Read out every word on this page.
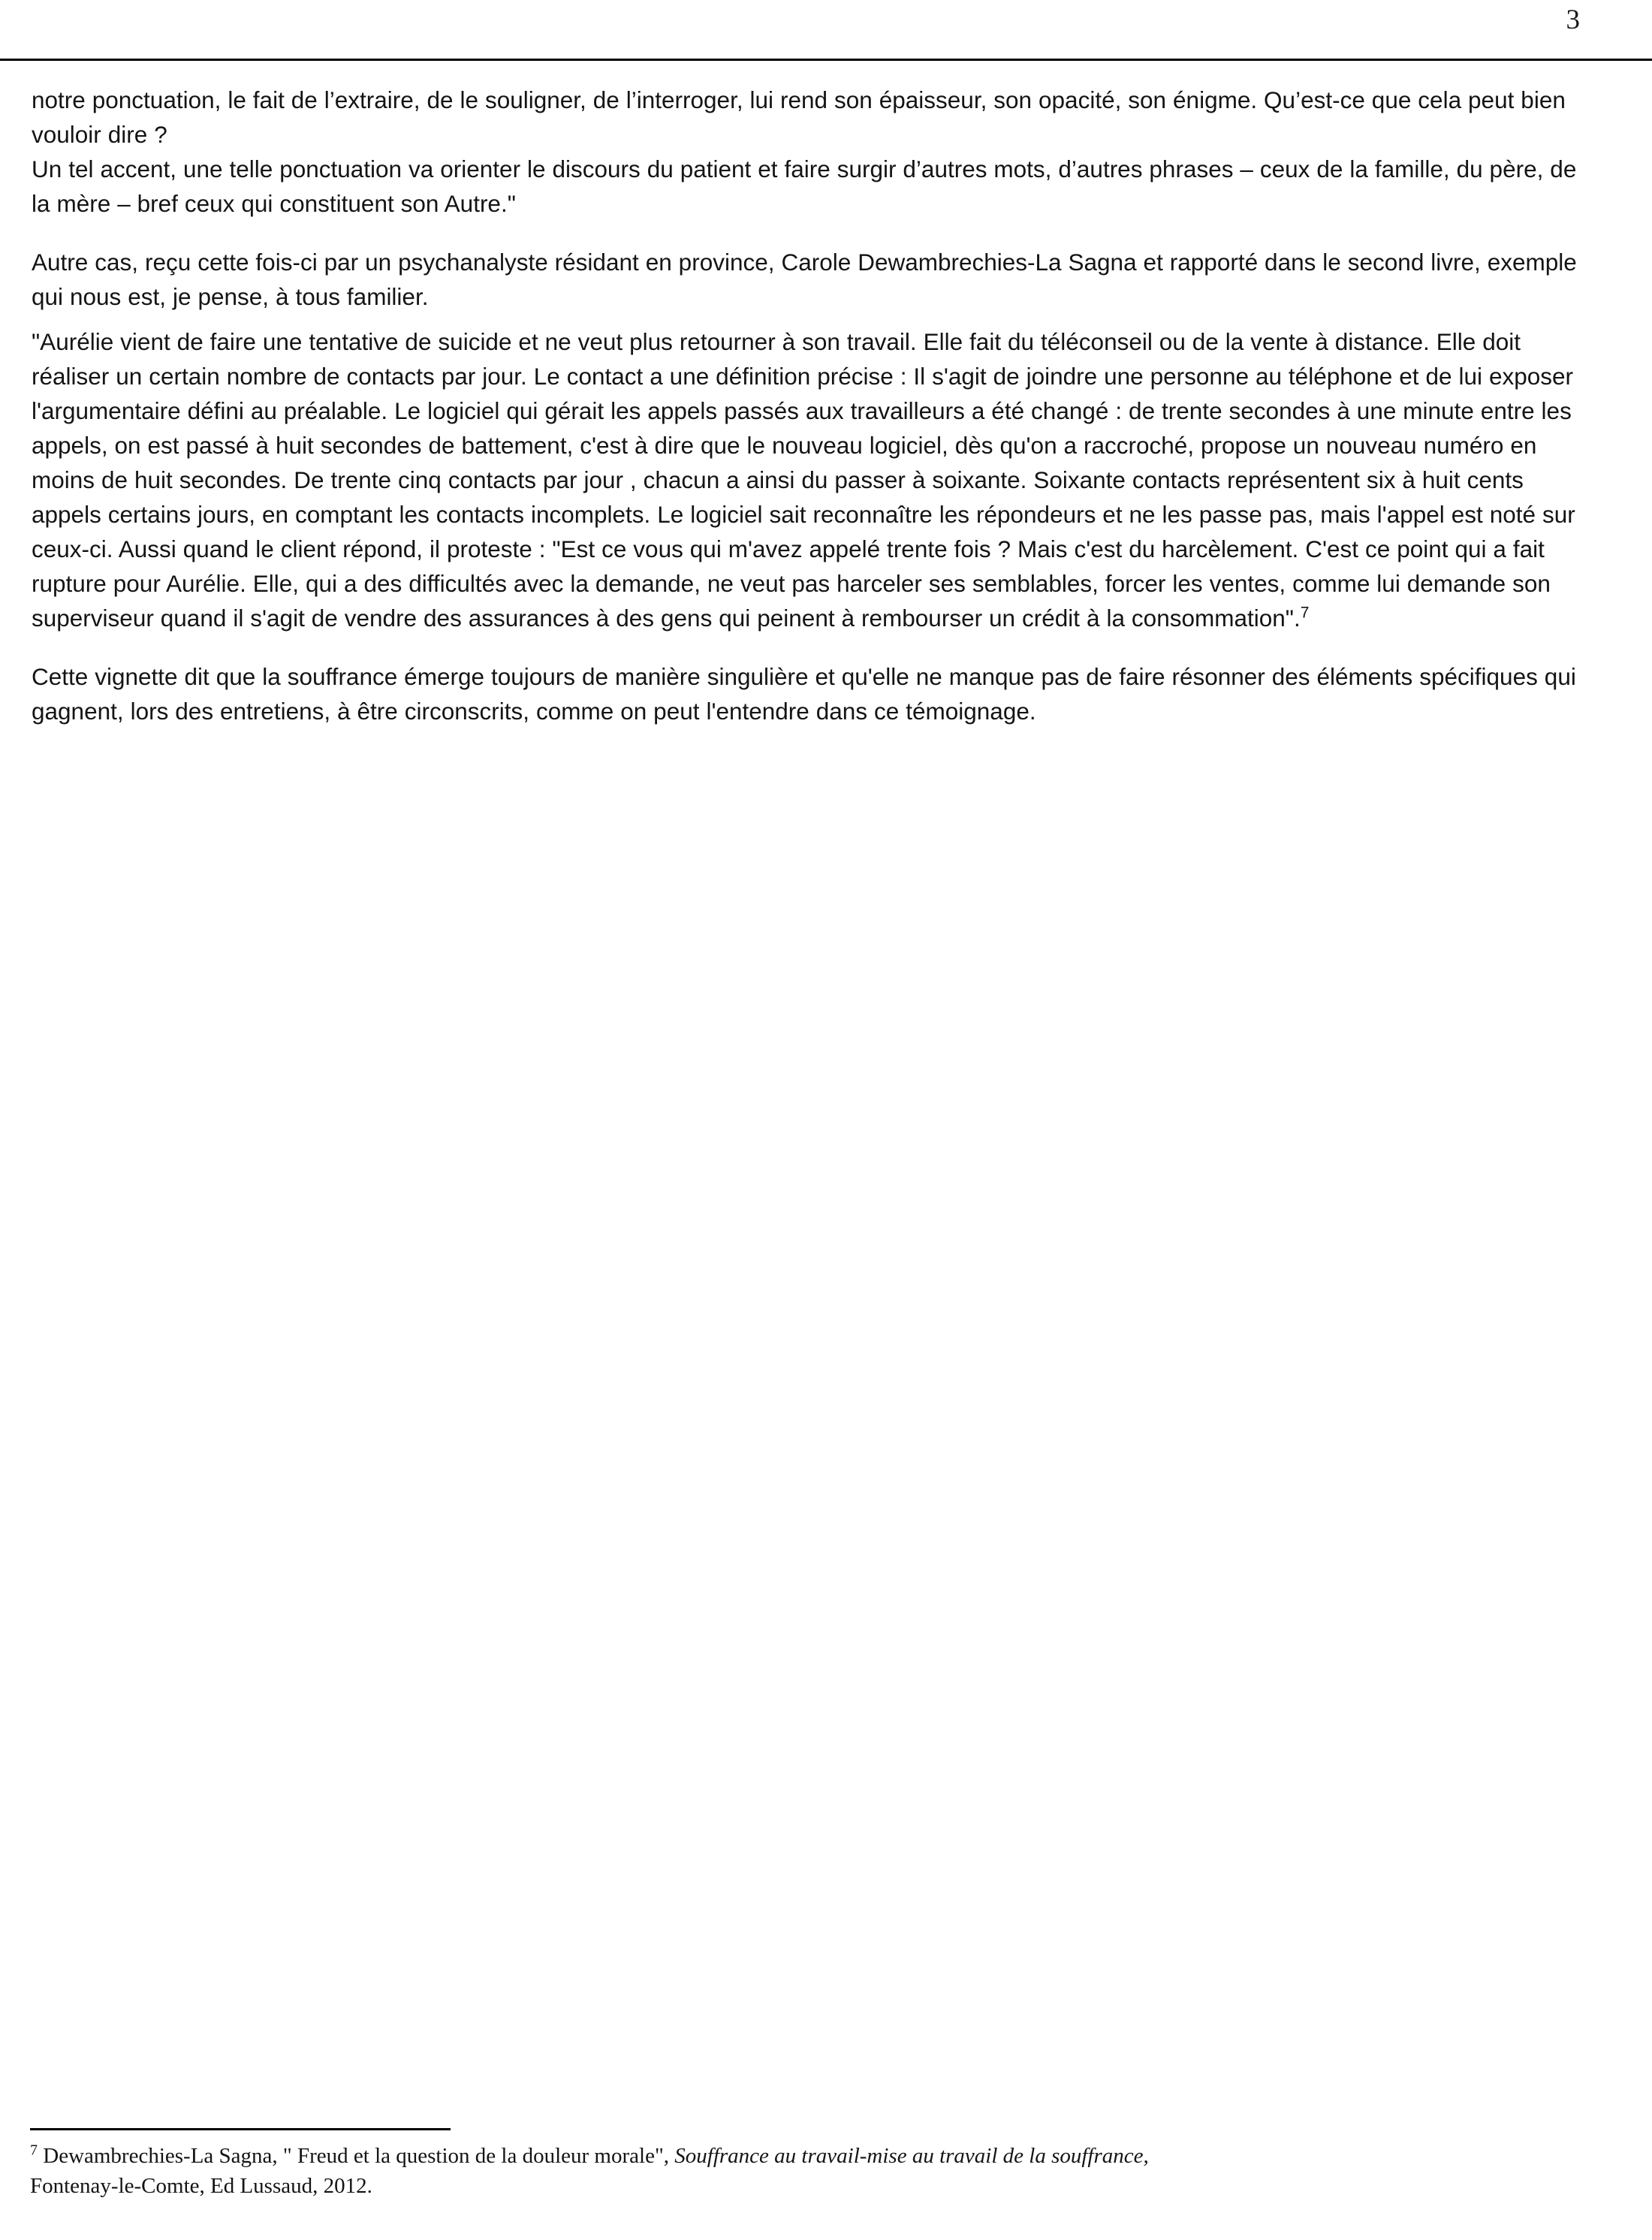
3

notre ponctuation, le fait de l’extraire, de le souligner, de l’interroger, lui rend son épaisseur, son opacité, son énigme. Qu’est-ce que cela peut bien vouloir dire ?

Un tel accent, une telle ponctuation va orienter le discours du patient et faire surgir d’autres mots, d’autres phrases – ceux de la famille, du père, de la mère – bref ceux qui constituent son Autre."

Autre cas, reçu cette fois-ci par un psychanalyste résidant en province, Carole Dewambrechies-La Sagna et rapporté dans le second livre, exemple qui nous est, je pense, à tous familier.

"Aurélie vient de faire une tentative de suicide et ne veut plus retourner à son travail. Elle fait du téléconseil ou de la vente à distance. Elle doit réaliser un certain nombre de contacts par jour. Le contact a une définition précise : Il s'agit de joindre une personne au téléphone et de lui exposer l'argumentaire défini au préalable. Le logiciel qui gérait les appels passés aux travailleurs a été changé : de trente secondes à une minute entre les appels, on est passé à huit secondes de battement, c'est à dire que le nouveau logiciel, dès qu'on a raccroché, propose un nouveau numéro en moins de huit secondes. De trente cinq contacts par jour , chacun a ainsi du passer à soixante. Soixante contacts représentent six à huit cents appels certains jours, en comptant les contacts incomplets. Le logiciel sait reconnaître les répondeurs et ne les passe pas, mais l'appel est noté sur ceux-ci. Aussi quand le client répond, il proteste : "Est ce vous qui m'avez appelé trente fois ? Mais c'est du harcèlement. C'est ce point qui a fait rupture pour Aurélie. Elle, qui a des difficultés avec la demande, ne veut pas harceler ses semblables, forcer les ventes, comme lui demande son superviseur quand il s'agit de vendre des assurances à des gens qui peinent à rembourser un crédit à la consommation".$^7$

Cette vignette dit que la souffrance émerge toujours de manière singulière et qu'elle ne manque pas de faire résonner des éléments spécifiques qui gagnent, lors des entretiens, à être circonscrits, comme on peut l'entendre dans ce témoignage.

$^7$ Dewambrechies-La Sagna, " Freud et la question de la douleur morale", Souffrance au travail-mise au travail de la souffrance,
Fontenay-le-Comte, Ed Lussaud, 2012.
